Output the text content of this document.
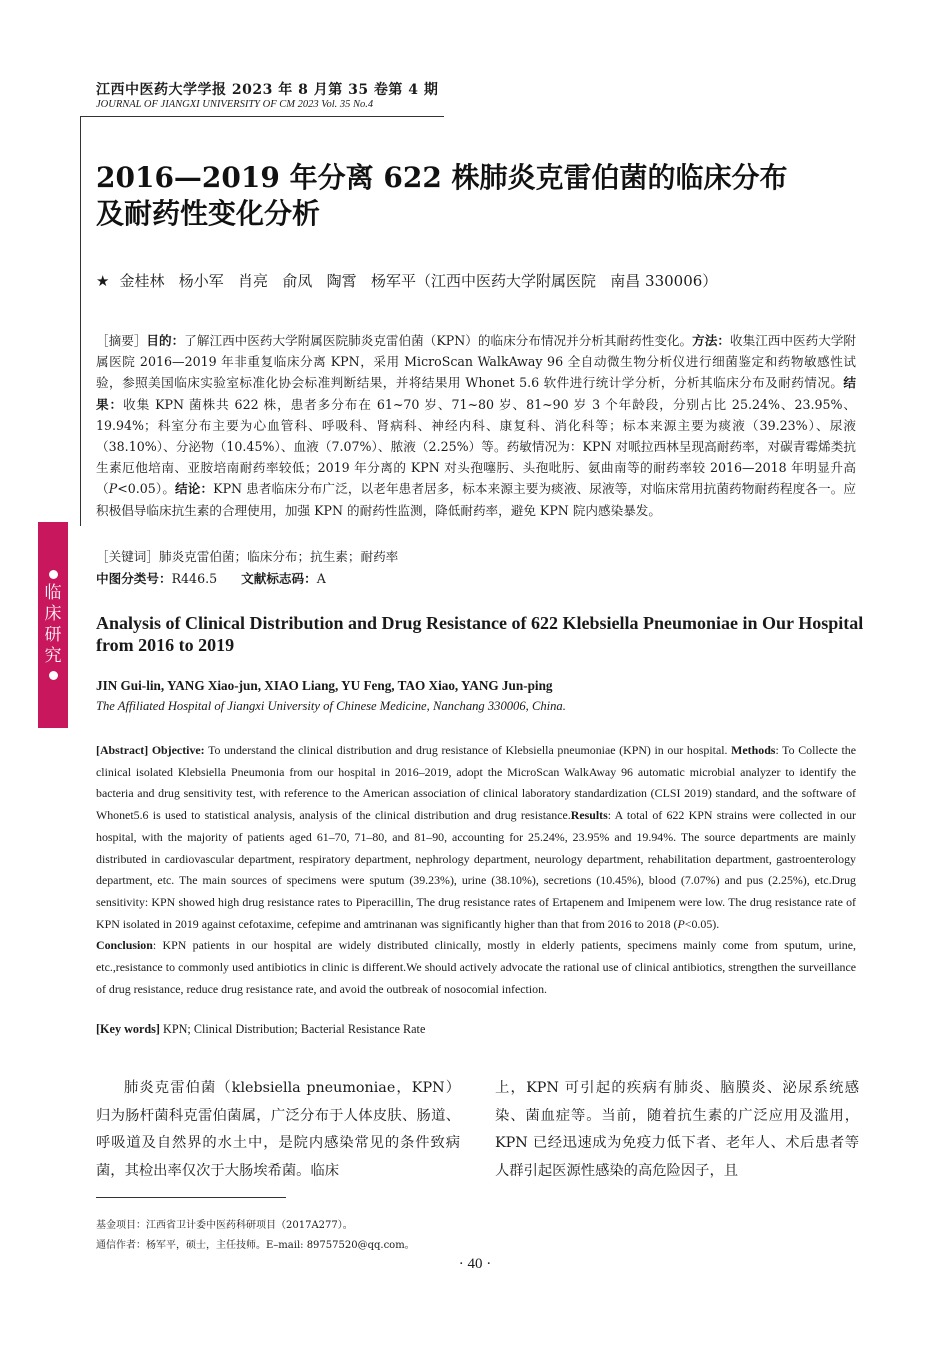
江西中医药大学学报 2023 年 8 月第 35 卷第 4 期
JOURNAL OF JIANGXI UNIVERSITY OF CM 2023 Vol. 35 No.4
临
床
研
究
2016—2019 年分离 622 株肺炎克雷伯菌的临床分布
及耐药性变化分析
★ 金桂林   杨小军   肖亮   俞凤   陶霄   杨军平（江西中医药大学附属医院   南昌 330006）
［摘要］目的：了解江西中医药大学附属医院肺炎克雷伯菌（KPN）的临床分布情况并分析其耐药性变化。方法：收集江西中医药大学附属医院 2016—2019 年非重复临床分离 KPN，采用 MicroScan WalkAway 96 全自动微生物分析仪进行细菌鉴定和药物敏感性试验，参照美国临床实验室标准化协会标准判断结果，并将结果用 Whonet 5.6 软件进行统计学分析，分析其临床分布及耐药情况。结果：收集 KPN 菌株共 622 株，患者多分布在 61~70 岁、71~80 岁、81~90 岁 3 个年龄段，分别占比 25.24%、23.95%、19.94%；科室分布主要为心血管科、呼吸科、肾病科、神经内科、康复科、消化科等；标本来源主要为痰液（39.23%）、尿液（38.10%）、分泌物（10.45%）、血液（7.07%）、脓液（2.25%）等。药敏情况为：KPN 对哌拉西林呈现高耐药率，对碳青霉烯类抗生素厄他培南、亚胺培南耐药率较低；2019 年分离的 KPN 对头孢噻肟、头孢吡肟、氨曲南等的耐药率较 2016—2018 年明显升高（P<0.05）。结论：KPN 患者临床分布广泛，以老年患者居多，标本来源主要为痰液、尿液等，对临床常用抗菌药物耐药程度各一。应积极倡导临床抗生素的合理使用，加强 KPN 的耐药性监测，降低耐药率，避免 KPN 院内感染暴发。
［关键词］肺炎克雷伯菌；临床分布；抗生素；耐药率
中图分类号：R446.5 文献标志码：A
Analysis of Clinical Distribution and Drug Resistance of 622 Klebsiella Pneumoniae in Our Hospital from 2016 to 2019
JIN Gui-lin, YANG Xiao-jun, XIAO Liang, YU Feng, TAO Xiao, YANG Jun-ping
The Affiliated Hospital of Jiangxi University of Chinese Medicine, Nanchang 330006, China.
[Abstract] Objective: To understand the clinical distribution and drug resistance of Klebsiella pneumoniae (KPN) in our hospital. Methods: To Collecte the clinical isolated Klebsiella Pneumonia from our hospital in 2016–2019, adopt the MicroScan WalkAway 96 automatic microbial analyzer to identify the bacteria and drug sensitivity test, with reference to the American association of clinical laboratory standardization (CLSI 2019) standard, and the software of Whonet5.6 is used to statistical analysis, analysis of the clinical distribution and drug resistance.Results: A total of 622 KPN strains were collected in our hospital, with the majority of patients aged 61–70, 71–80, and 81–90, accounting for 25.24%, 23.95% and 19.94%. The source departments are mainly distributed in cardiovascular department, respiratory department, nephrology department, neurology department, rehabilitation department, gastroenterology department, etc. The main sources of specimens were sputum (39.23%), urine (38.10%), secretions (10.45%), blood (7.07%) and pus (2.25%), etc.Drug sensitivity: KPN showed high drug resistance rates to Piperacillin, The drug resistance rates of Ertapenem and Imipenem were low. The drug resistance rate of KPN isolated in 2019 against cefotaxime, cefepime and amtrinanan was significantly higher than that from 2016 to 2018 (P<0.05).
Conclusion: KPN patients in our hospital are widely distributed clinically, mostly in elderly patients, specimens mainly come from sputum, urine, etc.,resistance to commonly used antibiotics in clinic is different.We should actively advocate the rational use of clinical antibiotics, strengthen the surveillance of drug resistance, reduce drug resistance rate, and avoid the outbreak of nosocomial infection.
[Key words] KPN; Clinical Distribution; Bacterial Resistance Rate
肺炎克雷伯菌（klebsiella pneumoniae，KPN）归为肠杆菌科克雷伯菌属，广泛分布于人体皮肤、肠道、呼吸道及自然界的水土中，是院内感染常见的条件致病菌，其检出率仅次于大肠埃希菌。临床
上，KPN 可引起的疾病有肺炎、脑膜炎、泌尿系统感染、菌血症等。当前，随着抗生素的广泛应用及滥用，KPN 已经迅速成为免疫力低下者、老年人、术后患者等人群引起医源性感染的高危险因子，且
基金项目：江西省卫计委中医药科研项目（2017A277）。
通信作者：杨军平，硕士，主任技师。E–mail: 89757520@qq.com。
· 40 ·
